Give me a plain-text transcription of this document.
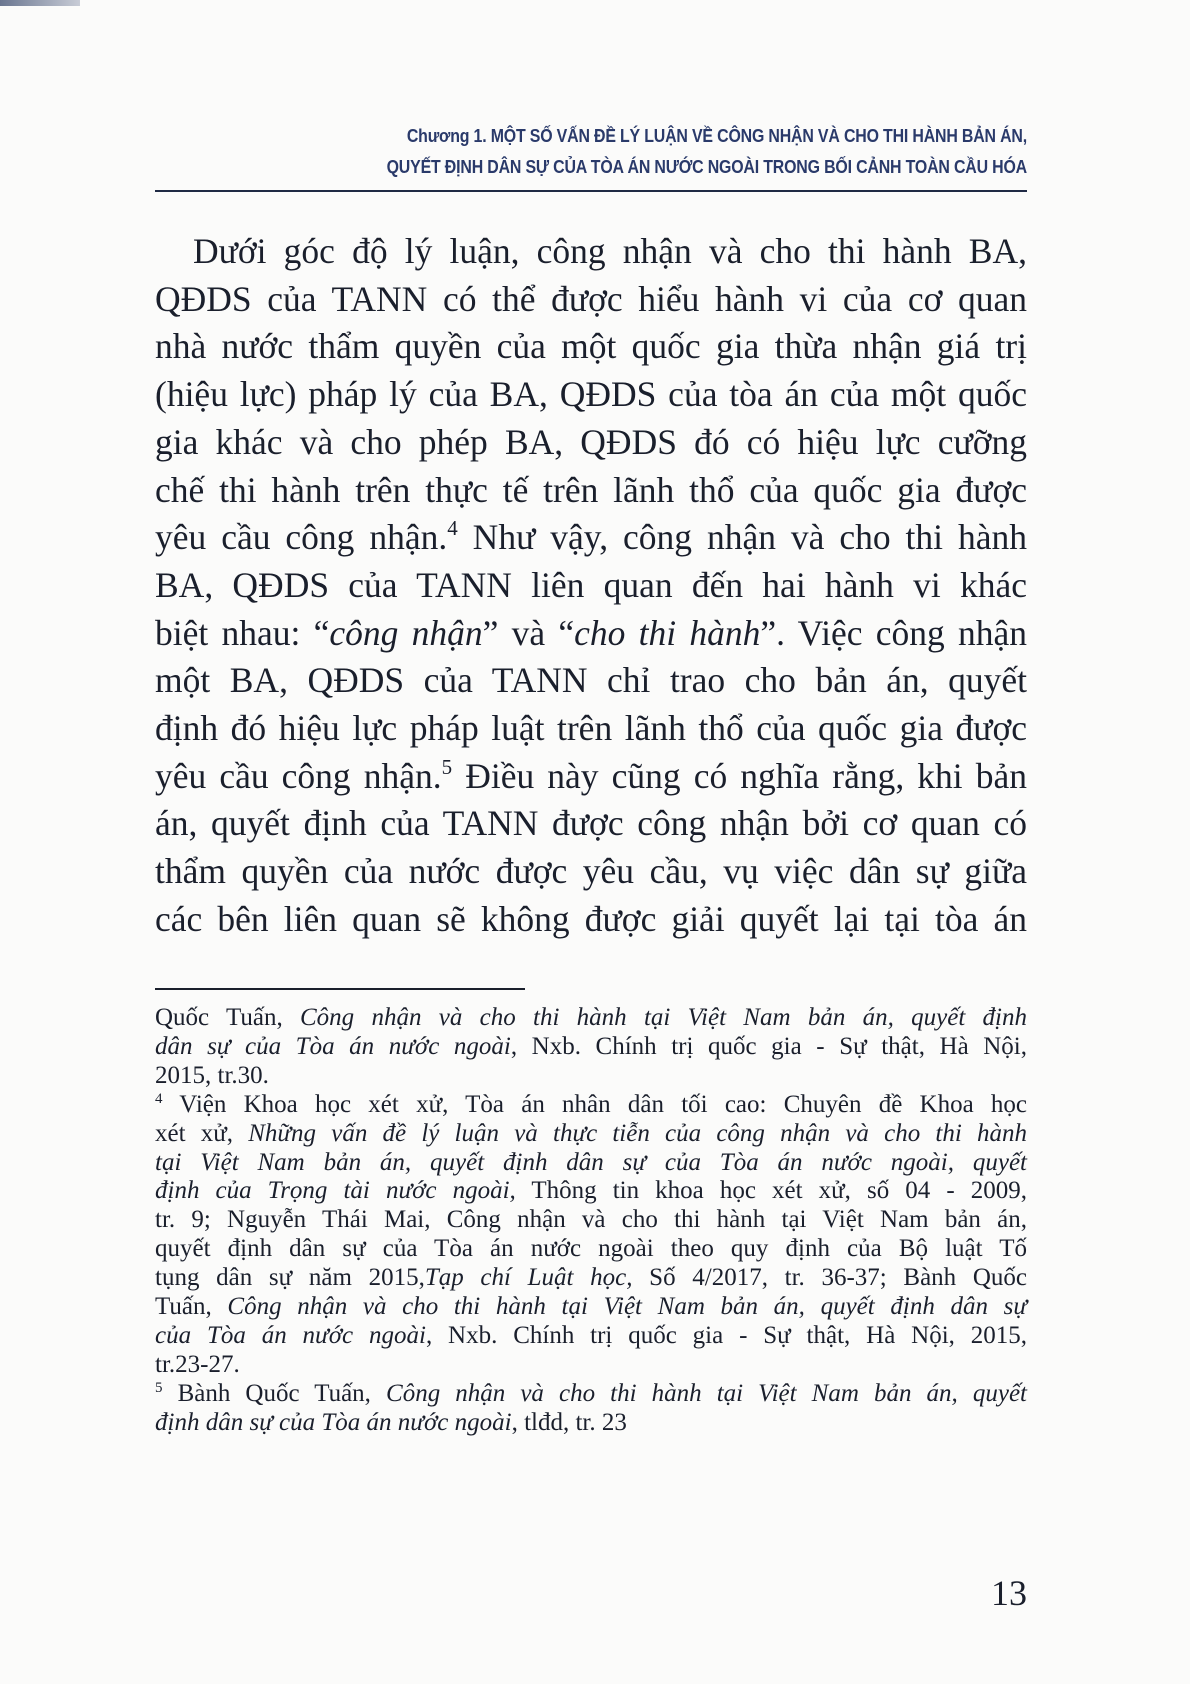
Chương 1. MỘT SỐ VẤN ĐỀ LÝ LUẬN VỀ CÔNG NHẬN VÀ CHO THI HÀNH BẢN ÁN,
QUYẾT ĐỊNH DÂN SỰ CỦA TÒA ÁN NƯỚC NGOÀI TRONG BỐI CẢNH TOÀN CẦU HÓA
Dưới góc độ lý luận, công nhận và cho thi hành BA,
QĐDS của TANN có thể được hiểu hành vi của cơ quan
nhà nước thẩm quyền của một quốc gia thừa nhận giá trị
(hiệu lực) pháp lý của BA, QĐDS của tòa án của một quốc
gia khác và cho phép BA, QĐDS đó có hiệu lực cưỡng
chế thi hành trên thực tế trên lãnh thổ của quốc gia được
yêu cầu công nhận.$^4$ Như vậy, công nhận và cho thi hành
BA, QĐDS của TANN liên quan đến hai hành vi khác
biệt nhau: “công nhận” và “cho thi hành”. Việc công nhận
một BA, QĐDS của TANN chỉ trao cho bản án, quyết
định đó hiệu lực pháp luật trên lãnh thổ của quốc gia được
yêu cầu công nhận.$^5$ Điều này cũng có nghĩa rằng, khi bản
án, quyết định của TANN được công nhận bởi cơ quan có
thẩm quyền của nước được yêu cầu, vụ việc dân sự giữa
các bên liên quan sẽ không được giải quyết lại tại tòa án
Quốc Tuấn, Công nhận và cho thi hành tại Việt Nam bản án, quyết định
dân sự của Tòa án nước ngoài, Nxb. Chính trị quốc gia - Sự thật, Hà Nội,
2015, tr.30.
$^4$ Viện Khoa học xét xử, Tòa án nhân dân tối cao: Chuyên đề Khoa học
xét xử, Những vấn đề lý luận và thực tiễn của công nhận và cho thi hành
tại Việt Nam bản án, quyết định dân sự của Tòa án nước ngoài, quyết
định của Trọng tài nước ngoài, Thông tin khoa học xét xử, số 04 - 2009,
tr. 9; Nguyễn Thái Mai, Công nhận và cho thi hành tại Việt Nam bản án,
quyết định dân sự của Tòa án nước ngoài theo quy định của Bộ luật Tố
tụng dân sự năm 2015,Tạp chí Luật học, Số 4/2017, tr. 36-37; Bành Quốc
Tuấn, Công nhận và cho thi hành tại Việt Nam bản án, quyết định dân sự
của Tòa án nước ngoài, Nxb. Chính trị quốc gia - Sự thật, Hà Nội, 2015,
tr.23-27.
$^5$ Bành Quốc Tuấn, Công nhận và cho thi hành tại Việt Nam bản án, quyết
định dân sự của Tòa án nước ngoài, tlđd, tr. 23
13
